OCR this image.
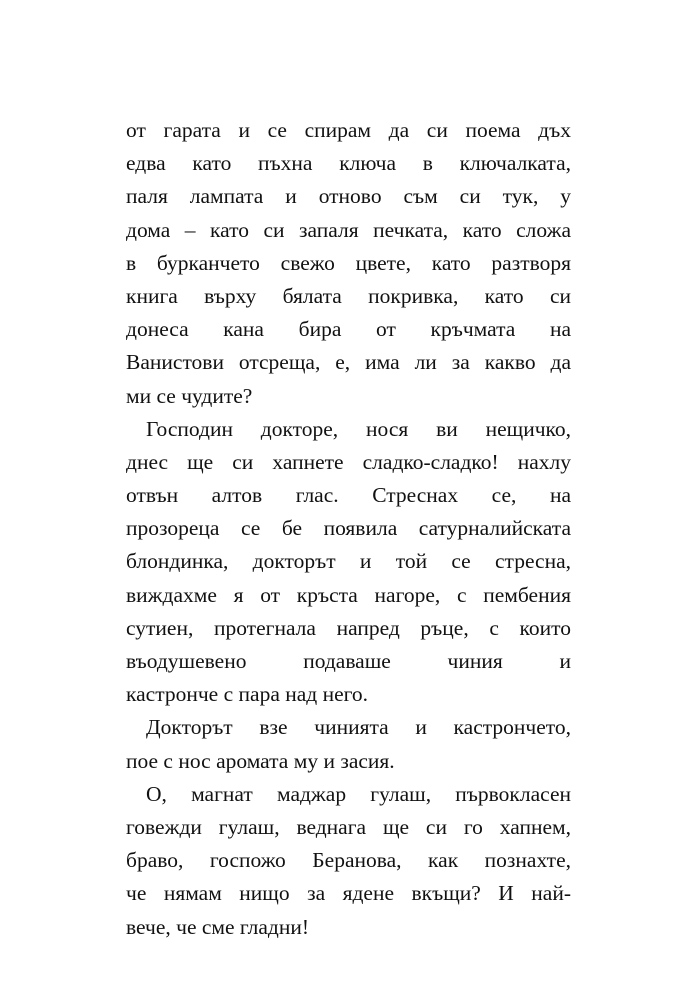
от гарата и се спирам да си поема дъх
едва като пъхна ключа в ключалката,
паля лампата и отново съм си тук, у
дома – като си запаля печката, като сложа
в бурканчето свежо цвете, като разтворя
книга върху бялата покривка, като си
донеса кана бира от кръчмата на
Ванистови отсреща, е, има ли за какво да
ми се чудите?
Господин докторе, нося ви нещичко,
днес ще си хапнете сладко-сладко! нахлу
отвън алтов глас. Стреснах се, на
прозореца се бе появила сатурналийската
блондинка, докторът и той се стресна,
виждахме я от кръста нагоре, с пембения
сутиен, протегнала напред ръце, с които
въодушевено подаваше чиния и
кастронче с пара над него.
Докторът взе чинията и кастрончето,
пое с нос аромата му и засия.
О, магнат маджар гулаш, първокласен
говежди гулаш, веднага ще си го хапнем,
браво, госпожо Беранова, как познахте,
че нямам нищо за ядене вкъщи? И най-
вече, че сме гладни!
